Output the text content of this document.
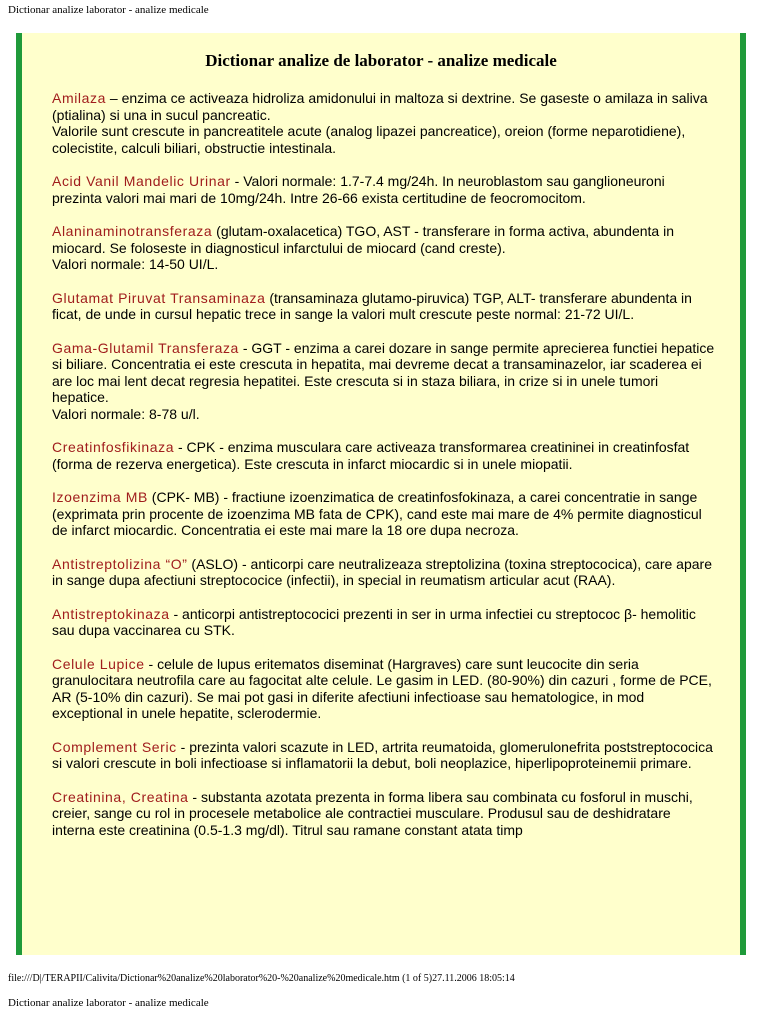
Dictionar analize laborator - analize medicale
Dictionar analize de laborator - analize medicale
Amilaza – enzima ce activeaza hidroliza amidonului in maltoza si dextrine. Se gaseste o amilaza in saliva (ptialina) si una in sucul pancreatic.
Valorile sunt crescute in pancreatitele acute (analog lipazei pancreatice), oreion (forme neparotidiene), colecistite, calculi biliari, obstructie intestinala.
Acid Vanil Mandelic Urinar - Valori normale: 1.7-7.4 mg/24h. In neuroblastom sau ganglioneuroni prezinta valori mai mari de 10mg/24h. Intre 26-66 exista certitudine de feocromocitom.
Alaninaminotransferaza (glutam-oxalacetica) TGO, AST - transferare in forma activa, abundenta in miocard. Se foloseste in diagnosticul infarctului de miocard (cand creste).
Valori normale: 14-50 UI/L.
Glutamat Piruvat Transaminaza (transaminaza glutamo-piruvica) TGP, ALT- transferare abundenta in ficat, de unde in cursul hepatic trece in sange la valori mult crescute peste normal: 21-72 UI/L.
Gama-Glutamil Transferaza - GGT - enzima a carei dozare in sange permite aprecierea functiei hepatice si biliare. Concentratia ei este crescuta in hepatita, mai devreme decat a transaminazelor, iar scaderea ei are loc mai lent decat regresia hepatitei. Este crescuta si in staza biliara, in crize si in unele tumori hepatice.
Valori normale: 8-78 u/l.
Creatinfosfikinaza - CPK - enzima musculara care activeaza transformarea creatininei in creatinfosfat (forma de rezerva energetica). Este crescuta in infarct miocardic si in unele miopatii.
Izoenzima MB (CPK- MB) - fractiune izoenzimatica de creatinfosfokinaza, a carei concentratie in sange (exprimata prin procente de izoenzima MB fata de CPK), cand este mai mare de 4% permite diagnosticul de infarct miocardic. Concentratia ei este mai mare la 18 ore dupa necroza.
Antistreptolizina “O” (ASLO) - anticorpi care neutralizeaza streptolizina (toxina streptococica), care apare in sange dupa afectiuni streptococice (infectii), in special in reumatism articular acut (RAA).
Antistreptokinaza - anticorpi antistreptococici prezenti in ser in urma infectiei cu streptococ β- hemolitic sau dupa vaccinarea cu STK.
Celule Lupice - celule de lupus eritematos diseminat (Hargraves) care sunt leucocite din seria granulocitara neutrofila care au fagocitat alte celule. Le gasim in LED. (80-90%) din cazuri , forme de PCE, AR (5-10% din cazuri). Se mai pot gasi in diferite afectiuni infectioase sau hematologice, in mod exceptional in unele hepatite, sclerodermie.
Complement Seric - prezinta valori scazute in LED, artrita reumatoida, glomerulonefrita poststreptococica si valori crescute in boli infectioase si inflamatorii la debut, boli neoplazice, hiperlipoproteinemii primare.
Creatinina, Creatina - substanta azotata prezenta in forma libera sau combinata cu fosforul in muschi, creier, sange cu rol in procesele metabolice ale contractiei musculare. Produsul sau de deshidratare interna este creatinina (0.5-1.3 mg/dl). Titrul sau ramane constant atata timp
file:///D|/TERAPII/Calivita/Dictionar%20analize%20laborator%20-%20analize%20medicale.htm (1 of 5)27.11.2006 18:05:14
Dictionar analize laborator - analize medicale
